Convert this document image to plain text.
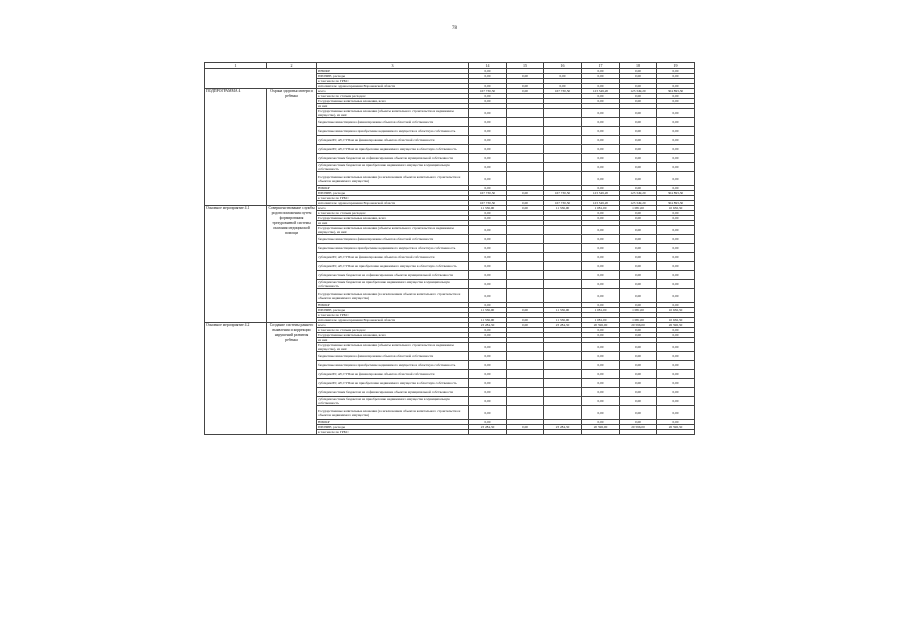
78
1	2	3	14	15	16	17	18	19
		ИНОФР	0,00			0,00	0,00	0,00
		ПРОЧИЕ, расходы	0,00	0,00	0,00	0,00	0,00	0,00
		в том числе по ГРБС:						
		исполнитель: здравоохранения Воронежской области	0,00	0,00	0,00	0,00	0,00	0,00
ПОДПРОГРАММА 4	Охрана здоровья матери и ребенка	всего	167 730,50	0,00	167 730,50	123 349,20	123 349,20	304 893,30
		в том числе по статьям расходов:	0,00			0,00	0,00	0,00
		Государственные капитальные вложения, всего	0,00			0,00	0,00	0,00
		из них						
		Государственные капитальные вложения (объекты капитального строительства и недвижимое имущество), из них:	0,00			0,00	0,00	0,00
		бюджетные инвестиции на финансирование объектов областной собственности	0,00			0,00	0,00	0,00
		бюджетные инвестиции на приобретение недвижимого имущества в областную собственность	0,00			0,00	0,00	0,00
		субсидии БУ, АУ, ГУПам на финансирование объектов областной собственности	0,00			0,00	0,00	0,00
		субсидии БУ, АУ, ГУПам на приобретение недвижимого имущества в областную собственность	0,00			0,00	0,00	0,00
		субсидии местным бюджетам на софинансирование объектов муниципальной собственности	0,00			0,00	0,00	0,00
		субсидии местным бюджетам на приобретение недвижимого имущества в муниципальную собственность	0,00			0,00	0,00	0,00
		Государственные капитальные вложения (за исключением объектов капитального строительства и объектов недвижимого имущества)	0,00			0,00	0,00	0,00
		НИОКР	0,00			0,00	0,00	0,00
		ПРОЧИЕ, расходы	167 730,50	0,00	167 730,50	123 349,20	123 349,20	304 893,30
		в том числе по ГРБС:						
		исполнитель: здравоохранения Воронежской области	167 730,50	0,00	167 730,50	123 349,20	123 349,20	304 893,30
Основное мероприятие 4.1	Совершенствование службы родовспоможения путем формирования трехуровневой системы оказания медицинской помощи	всего	11 336,00	0,00	11 336,00	1 081,00	1 081,00	10 636,30
		в том числе по статьям расходов:	0,00			0,00	0,00	0,00
		Государственные капитальные вложения, всего	0,00			0,00	0,00	0,00
		из них						
		Государственные капитальные вложения (объекты капитального строительства и недвижимое имущество), из них:	0,00			0,00	0,00	0,00
		бюджетные инвестиции на финансирование объектов областной собственности	0,00			0,00	0,00	0,00
		бюджетные инвестиции на приобретение недвижимого имущества в областную собственность	0,00			0,00	0,00	0,00
		субсидии БУ, АУ, ГУПам на финансирование объектов областной собственности	0,00			0,00	0,00	0,00
		субсидии БУ, АУ, ГУПам на приобретение недвижимого имущества в областную собственность	0,00			0,00	0,00	0,00
		субсидии местным бюджетам на софинансирование объектов муниципальной собственности	0,00			0,00	0,00	0,00
		субсидии местным бюджетам на приобретение недвижимого имущества в муниципальную собственность	0,00			0,00	0,00	0,00
		Государственные капитальные вложения (за исключением объектов капитального строительства и объектов недвижимого имущества)	0,00			0,00	0,00	0,00
		НИОКР	0,00			0,00	0,00	0,00
		ПРОЧИЕ, расходы	11 336,00	0,00	11 336,00	1 081,00	1 081,00	10 636,30
		в том числе по ГРБС:						
		исполнитель: здравоохранения Воронежской области	11 336,00	0,00	11 336,00	1 081,00	1 081,00	10 636,30
Основное мероприятие 4.2	Создание системы раннего выявления и коррекции нарушений развития ребенка	всего	23 284,30	0,00	23 284,30	20 596,00	20 596,00	26 596,30
		в том числе по статьям расходов:	0,00			0,00	0,00	0,00
		Государственные капитальные вложения, всего	0,00			0,00	0,00	0,00
		из них						
		Государственные капитальные вложения (объекты капитального строительства и недвижимое имущество), из них:	0,00			0,00	0,00	0,00
		бюджетные инвестиции на финансирование объектов областной собственности	0,00			0,00	0,00	0,00
		бюджетные инвестиции на приобретение недвижимого имущества в областную собственность	0,00			0,00	0,00	0,00
		субсидии БУ, АУ, ГУПам на финансирование объектов областной собственности	0,00			0,00	0,00	0,00
		субсидии БУ, АУ, ГУПам на приобретение недвижимого имущества в областную собственность	0,00			0,00	0,00	0,00
		субсидии местным бюджетам на софинансирование объектов муниципальной собственности	0,00			0,00	0,00	0,00
		субсидии местным бюджетам на приобретение недвижимого имущества в муниципальную собственность	0,00			0,00	0,00	0,00
		Государственные капитальные вложения (за исключением объектов капитального строительства и объектов недвижимого имущества)	0,00			0,00	0,00	0,00
		НИОКР	0,00			0,00	0,00	0,00
		ПРОЧИЕ, расходы	23 284,30	0,00	23 284,30	20 596,00	20 596,00	26 596,30
		в том числе по ГРБС:						
